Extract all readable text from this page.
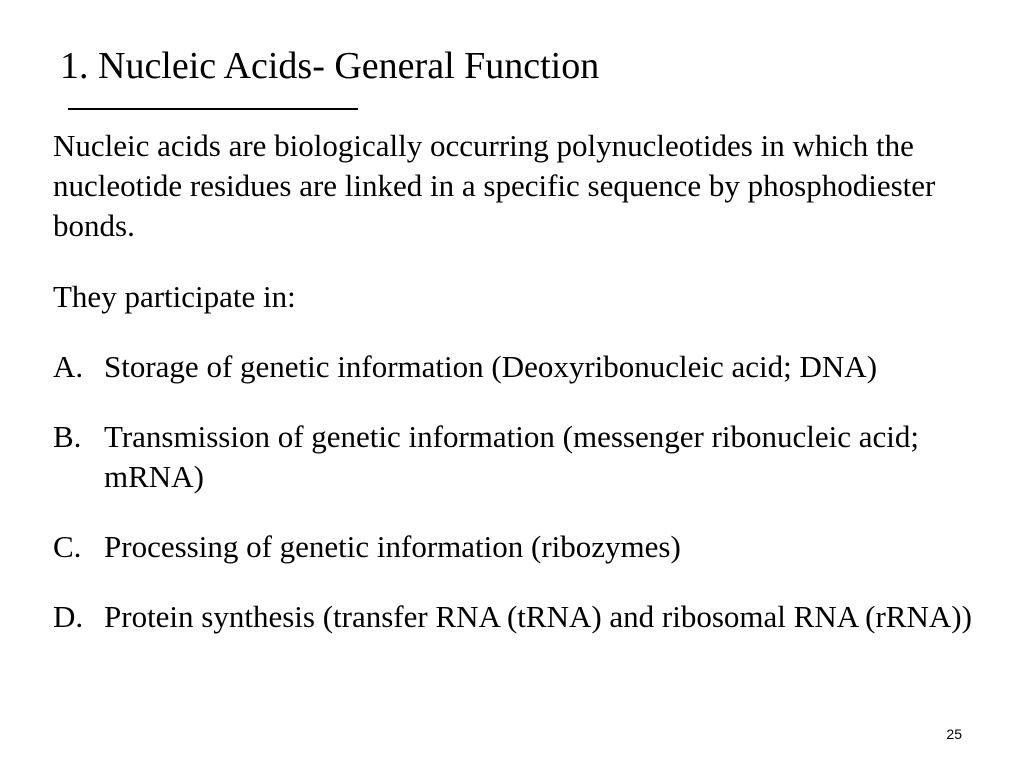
1. Nucleic Acids- General Function

Nucleic acids are biologically occurring polynucleotides in which the nucleotide residues are linked in a specific sequence by phosphodiester bonds.

They participate in:

A. Storage of genetic information (Deoxyribonucleic acid; DNA)
B. Transmission of genetic information (messenger ribonucleic acid; mRNA)
C. Processing of genetic information (ribozymes)
D. Protein synthesis (transfer RNA (tRNA) and ribosomal RNA (rRNA))
25
